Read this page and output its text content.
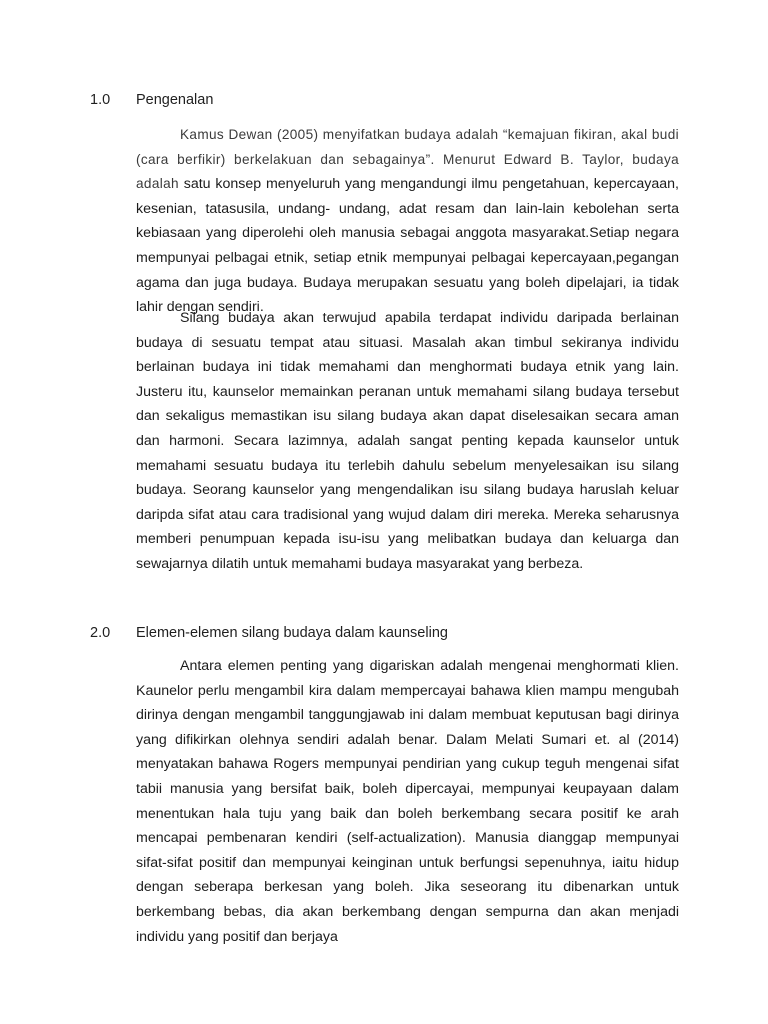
1.0 Pengenalan

Kamus Dewan (2005) menyifatkan budaya adalah “kemajuan fikiran, akal budi (cara berfikir) berkelakuan dan sebagainya”. Menurut Edward B. Taylor, budaya adalah satu konsep menyeluruh yang mengandungi ilmu pengetahuan, kepercayaan, kesenian, tatasusila, undang- undang, adat resam dan lain-lain kebolehan serta kebiasaan yang diperolehi oleh manusia sebagai anggota masyarakat.Setiap negara mempunyai pelbagai etnik, setiap etnik mempunyai pelbagai kepercayaan,pegangan agama dan juga budaya. Budaya merupakan sesuatu yang boleh dipelajari, ia tidak lahir dengan sendiri.

Silang budaya akan terwujud apabila terdapat individu daripada berlainan budaya di sesuatu tempat atau situasi. Masalah akan timbul sekiranya individu berlainan budaya ini tidak memahami dan menghormati budaya etnik yang lain. Justeru itu, kaunselor memainkan peranan untuk memahami silang budaya tersebut dan sekaligus memastikan isu silang budaya akan dapat diselesaikan secara aman dan harmoni. Secara lazimnya, adalah sangat penting kepada kaunselor untuk memahami sesuatu budaya itu terlebih dahulu sebelum menyelesaikan isu silang budaya. Seorang kaunselor yang mengendalikan isu silang budaya haruslah keluar daripda sifat atau cara tradisional yang wujud dalam diri mereka. Mereka seharusnya memberi penumpuan kepada isu-isu yang melibatkan budaya dan keluarga dan sewajarnya dilatih untuk memahami budaya masyarakat yang berbeza.

2.0 Elemen-elemen silang budaya dalam kaunseling

Antara elemen penting yang digariskan adalah mengenai menghormati klien. Kaunelor perlu mengambil kira dalam mempercayai bahawa klien mampu mengubah dirinya dengan mengambil tanggungjawab ini dalam membuat keputusan bagi dirinya yang difikirkan olehnya sendiri adalah benar. Dalam Melati Sumari et. al (2014) menyatakan bahawa Rogers mempunyai pendirian yang cukup teguh mengenai sifat tabii manusia yang bersifat baik, boleh dipercayai, mempunyai keupayaan dalam menentukan hala tuju yang baik dan boleh berkembang secara positif ke arah mencapai pembenaran kendiri (self-actualization). Manusia dianggap mempunyai sifat-sifat positif dan mempunyai keinginan untuk berfungsi sepenuhnya, iaitu hidup dengan seberapa berkesan yang boleh. Jika seseorang itu dibenarkan untuk berkembang bebas, dia akan berkembang dengan sempurna dan akan menjadi individu yang positif dan berjaya
